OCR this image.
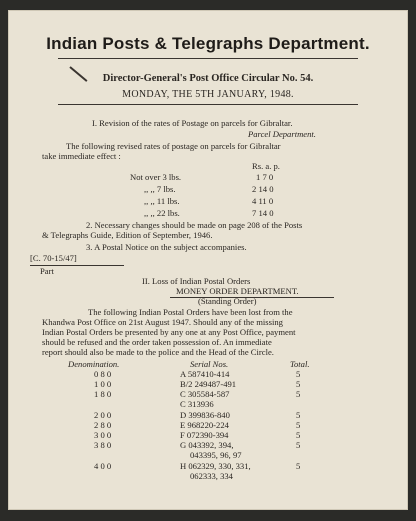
Indian Posts & Telegraphs Department.
Director-General's Post Office Circular No. 54.
MONDAY, THE 5TH JANUARY, 1948.
I. Revision of the rates of Postage on parcels for Gibraltar.
Parcel Department.
The following revised rates of postage on parcels for Gibraltar
take immediate effect :
Rs. a. p.
Not over 3 lbs.	1 7 0
,, ,, 7 lbs.	2 14 0
,, ,, 11 lbs.	4 11 0
,, ,, 22 lbs.	7 14 0
2. Necessary changes should be made on page 208 of the Posts
& Telegraphs Guide, Edition of September, 1946.
3. A Postal Notice on the subject accompanies.
[C. 70-15/47]
Part
II. Loss of Indian Postal Orders
MONEY ORDER DEPARTMENT.
(Standing Order)
The following Indian Postal Orders have been lost from the
Khandwa Post Office on 21st August 1947. Should any of the missing
Indian Postal Orders be presented by any one at any Post Office, payment
should be refused and the order taken possession of. An immediate
report should also be made to the police and the Head of the Circle.
Denomination.	Serial Nos.	Total.
0 8 0	A 587410-414	5
1 0 0	B/2 249487-491	5
1 8 0	C 305584-587	5
C 313936
2 0 0	D 399836-840	5
2 8 0	E 968220-224	5
3 0 0	F 072390-394	5
3 8 0	G 043392, 394,	5
043395, 96, 97
4 0 0	H 062329, 330, 331,	5
062333, 334
